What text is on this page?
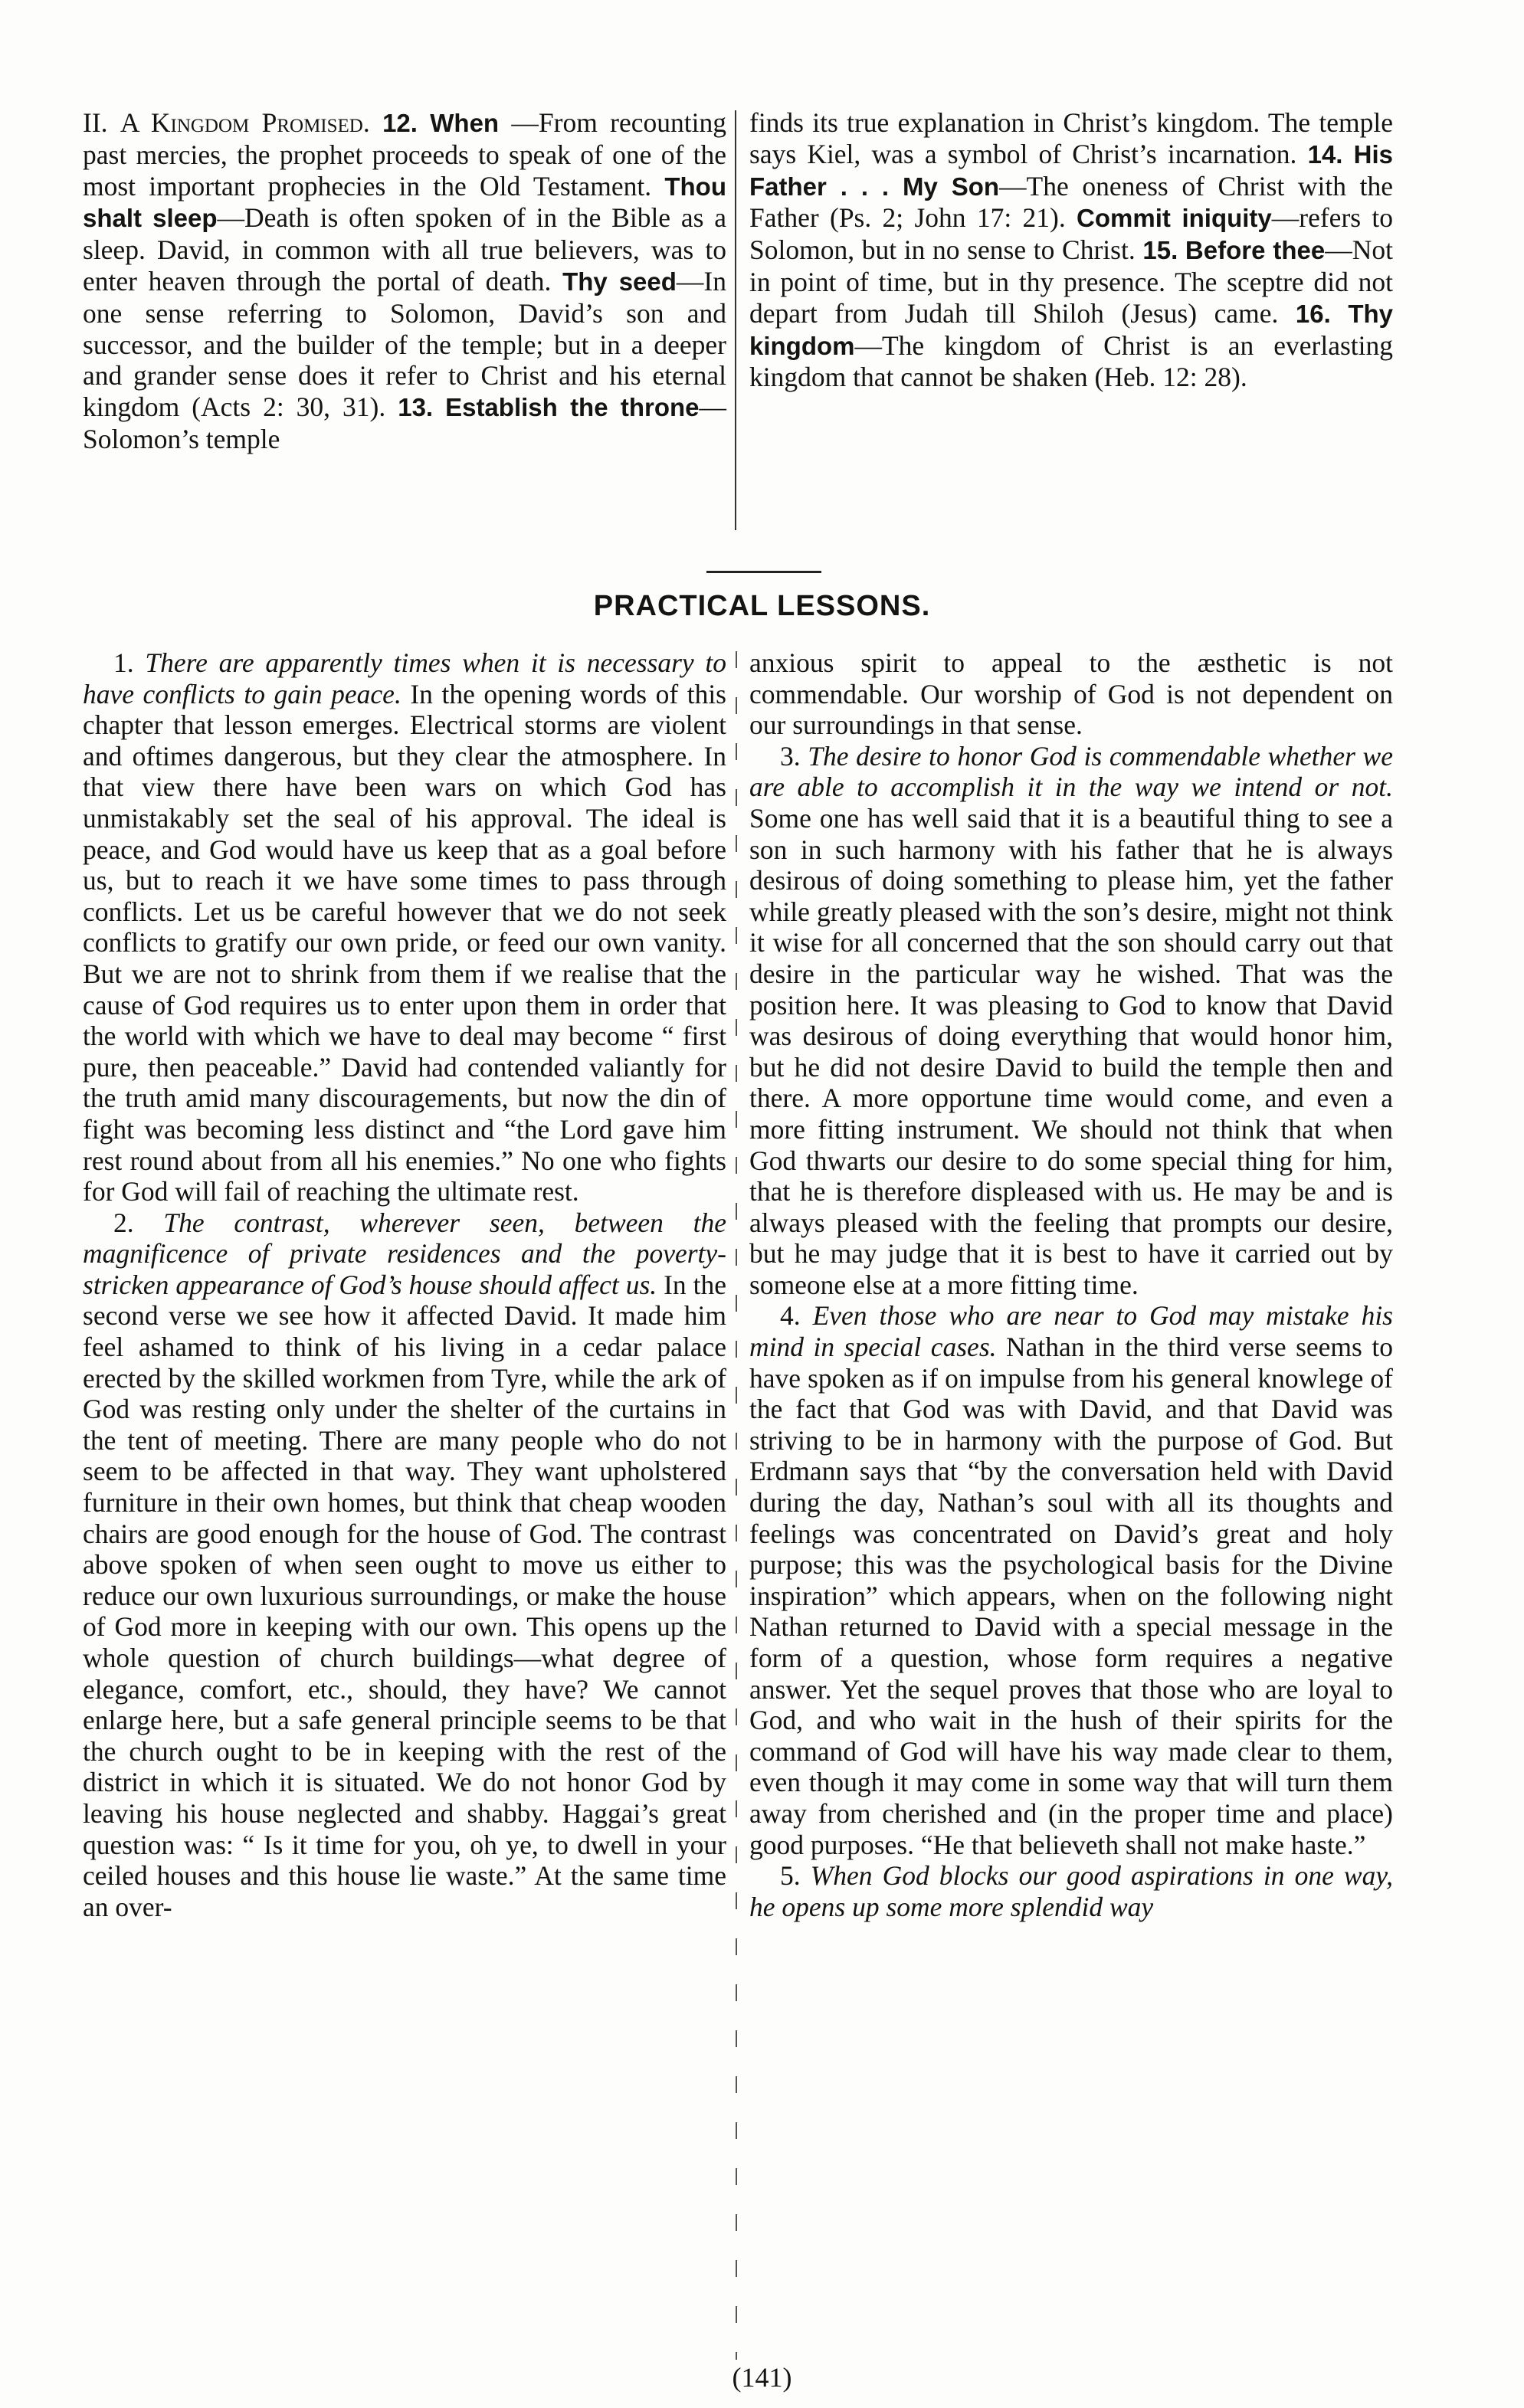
II. A Kingdom Promised. 12. When —From recounting past mercies, the prophet proceeds to speak of one of the most important prophecies in the Old Testament. Thou shalt sleep—Death is often spoken of in the Bible as a sleep. David, in common with all true believers, was to enter heaven through the portal of death. Thy seed—In one sense referring to Solomon, David’s son and successor, and the builder of the temple; but in a deeper and grander sense does it refer to Christ and his eternal kingdom (Acts 2: 30, 31). 13. Establish the throne—Solomon’s temple
finds its true explanation in Christ’s kingdom. The temple says Kiel, was a symbol of Christ’s incarnation. 14. His Father . . . My Son—The oneness of Christ with the Father (Ps. 2; John 17: 21). Commit iniquity—refers to Solomon, but in no sense to Christ. 15. Before thee—Not in point of time, but in thy presence. The sceptre did not depart from Judah till Shiloh (Jesus) came. 16. Thy kingdom—The kingdom of Christ is an everlasting kingdom that cannot be shaken (Heb. 12: 28).
PRACTICAL LESSONS.

1. There are apparently times when it is necessary to have conflicts to gain peace. In the opening words of this chapter that lesson emerges. Electrical storms are violent and oftimes dangerous, but they clear the atmosphere. In that view there have been wars on which God has unmistakably set the seal of his approval. The ideal is peace, and God would have us keep that as a goal before us, but to reach it we have some times to pass through conflicts. Let us be careful however that we do not seek conflicts to gratify our own pride, or feed our own vanity. But we are not to shrink from them if we realise that the cause of God requires us to enter upon them in order that the world with which we have to deal may become “ first pure, then peaceable.” David had contended valiantly for the truth amid many discouragements, but now the din of fight was becoming less distinct and “the Lord gave him rest round about from all his enemies.” No one who fights for God will fail of reaching the ultimate rest.

2. The contrast, wherever seen, between the magnificence of private residences and the poverty-stricken appearance of God’s house should affect us. In the second verse we see how it affected David. It made him feel ashamed to think of his living in a cedar palace erected by the skilled workmen from Tyre, while the ark of God was resting only under the shelter of the curtains in the tent of meeting. There are many people who do not seem to be affected in that way. They want upholstered furniture in their own homes, but think that cheap wooden chairs are good enough for the house of God. The contrast above spoken of when seen ought to move us either to reduce our own luxurious surroundings, or make the house of God more in keeping with our own. This opens up the whole question of church buildings—what degree of elegance, comfort, etc., should, they have? We cannot enlarge here, but a safe general principle seems to be that the church ought to be in keeping with the rest of the district in which it is situated. We do not honor God by leaving his house neglected and shabby. Haggai’s great question was: “ Is it time for you, oh ye, to dwell in your ceiled houses and this house lie waste.” At the same time an over-

anxious spirit to appeal to the æsthetic is not commendable. Our worship of God is not dependent on our surroundings in that sense.

3. The desire to honor God is commendable whether we are able to accomplish it in the way we intend or not. Some one has well said that it is a beautiful thing to see a son in such harmony with his father that he is always desirous of doing something to please him, yet the father while greatly pleased with the son’s desire, might not think it wise for all concerned that the son should carry out that desire in the particular way he wished. That was the position here. It was pleasing to God to know that David was desirous of doing everything that would honor him, but he did not desire David to build the temple then and there. A more opportune time would come, and even a more fitting instrument. We should not think that when God thwarts our desire to do some special thing for him, that he is therefore displeased with us. He may be and is always pleased with the feeling that prompts our desire, but he may judge that it is best to have it carried out by someone else at a more fitting time.

4. Even those who are near to God may mistake his mind in special cases. Nathan in the third verse seems to have spoken as if on impulse from his general knowlege of the fact that God was with David, and that David was striving to be in harmony with the purpose of God. But Erdmann says that “by the conversation held with David during the day, Nathan’s soul with all its thoughts and feelings was concentrated on David’s great and holy purpose; this was the psychological basis for the Divine inspiration” which appears, when on the following night Nathan returned to David with a special message in the form of a question, whose form requires a negative answer. Yet the sequel proves that those who are loyal to God, and who wait in the hush of their spirits for the command of God will have his way made clear to them, even though it may come in some way that will turn them away from cherished and (in the proper time and place) good purposes. “He that believeth shall not make haste.”

5. When God blocks our good aspirations in one way, he opens up some more splendid way

(141)
